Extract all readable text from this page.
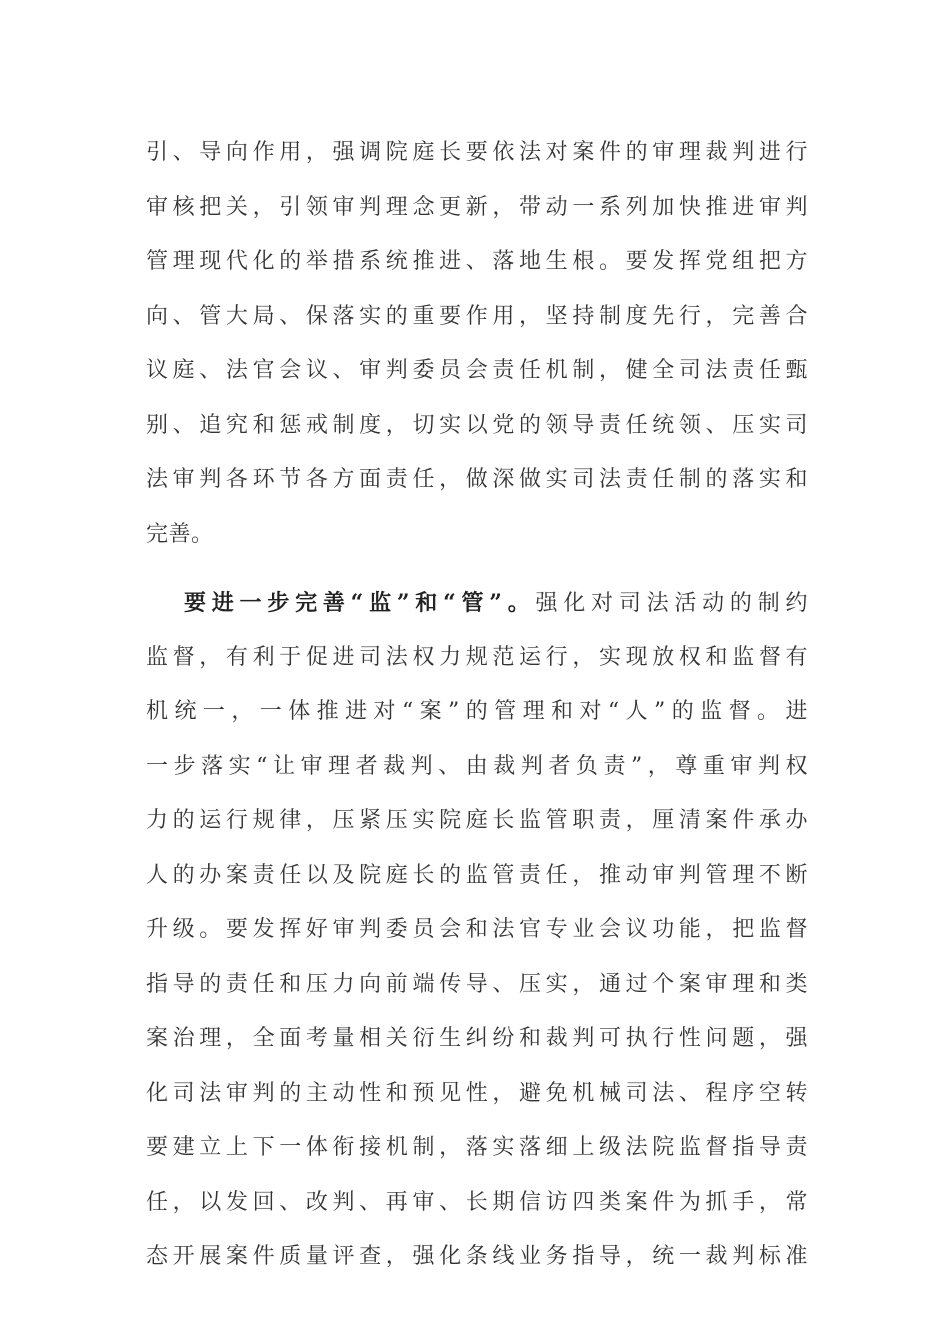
引、导向作用，强调院庭长要依法对案件的审理裁判进行
审核把关，引领审判理念更新，带动一系列加快推进审判
管理现代化的举措系统推进、落地生根。要发挥党组把方
向、管大局、保落实的重要作用，坚持制度先行，完善合
议庭、法官会议、审判委员会责任机制，健全司法责任甄
别、追究和惩戒制度，切实以党的领导责任统领、压实司
法审判各环节各方面责任，做深做实司法责任制的落实和
完善。
要进一步完善“监”和“管”。强化对司法活动的制约
监督，有利于促进司法权力规范运行，实现放权和监督有
机统一，一体推进对“案”的管理和对“人”的监督。进
一步落实“让审理者裁判、由裁判者负责”，尊重审判权
力的运行规律，压紧压实院庭长监管职责，厘清案件承办
人的办案责任以及院庭长的监管责任，推动审判管理不断
升级。要发挥好审判委员会和法官专业会议功能，把监督
指导的责任和压力向前端传导、压实，通过个案审理和类
案治理，全面考量相关衍生纠纷和裁判可执行性问题，强
化司法审判的主动性和预见性，避免机械司法、程序空转
要建立上下一体衔接机制，落实落细上级法院监督指导责
任，以发回、改判、再审、长期信访四类案件为抓手，常
态开展案件质量评查，强化条线业务指导，统一裁判标准
